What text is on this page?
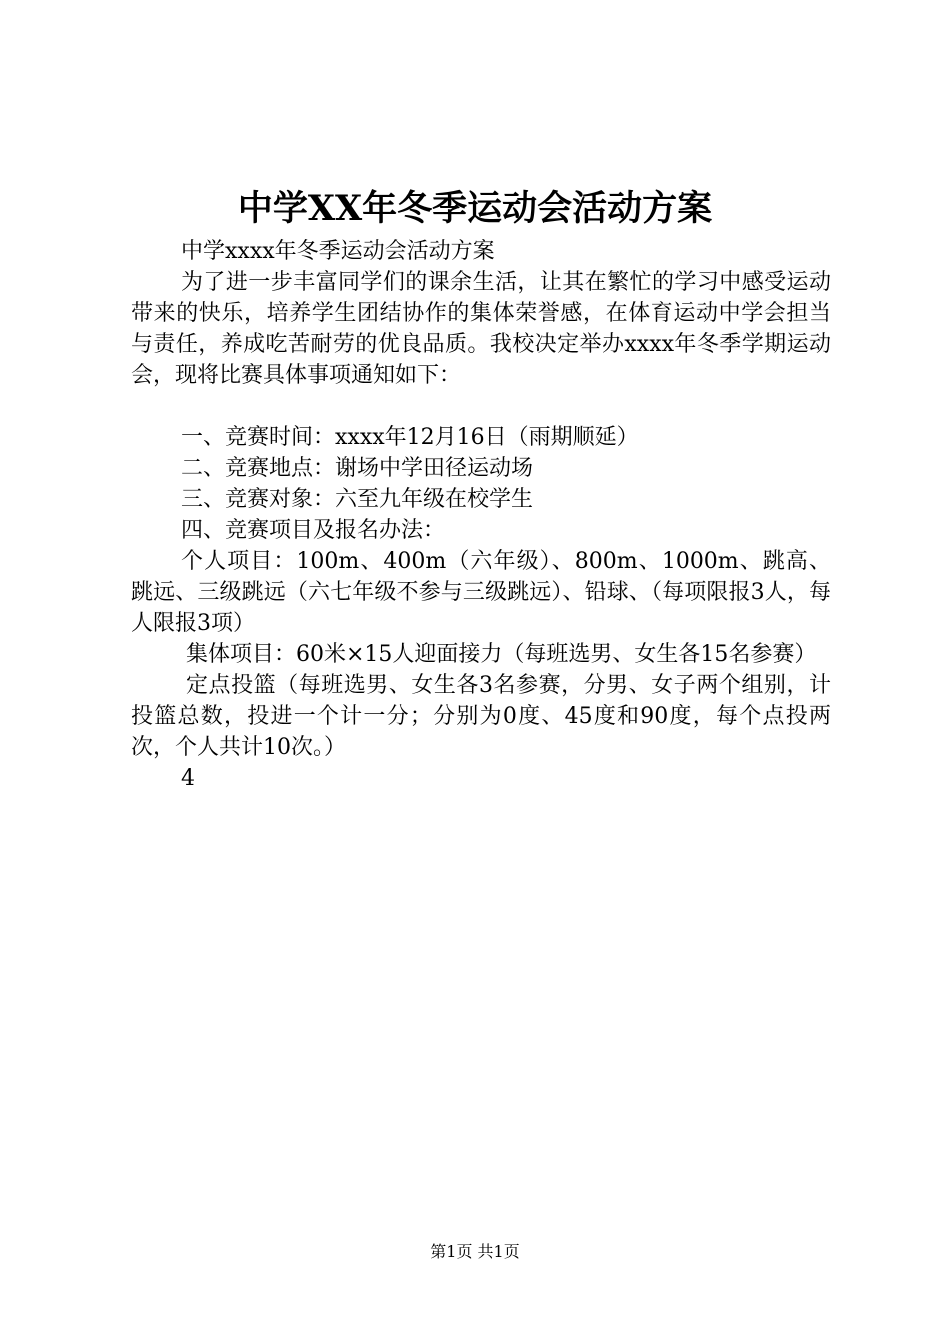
中学XX年冬季运动会活动方案

中学xxxx年冬季运动会活动方案

为了进一步丰富同学们的课余生活，让其在繁忙的学习中感受运动带来的快乐，培养学生团结协作的集体荣誉感，在体育运动中学会担当与责任，养成吃苦耐劳的优良品质。我校决定举办xxxx年冬季学期运动会，现将比赛具体事项通知如下：

一、竞赛时间：xxxx年12月16日（雨期顺延）

二、竞赛地点：谢场中学田径运动场

三、竞赛对象：六至九年级在校学生

四、竞赛项目及报名办法：

个人项目：100m、400m（六年级）、800m、1000m、跳高、跳远、三级跳远（六七年级不参与三级跳远）、铅球、（每项限报3人，每人限报3项）

集体项目：60米×15人迎面接力（每班选男、女生各15名参赛）

定点投篮（每班选男、女生各3名参赛，分男、女子两个组别，计投篮总数，投进一个计一分；分别为0度、45度和90度，每个点投两次，个人共计10次。）

4

第1页 共1页
